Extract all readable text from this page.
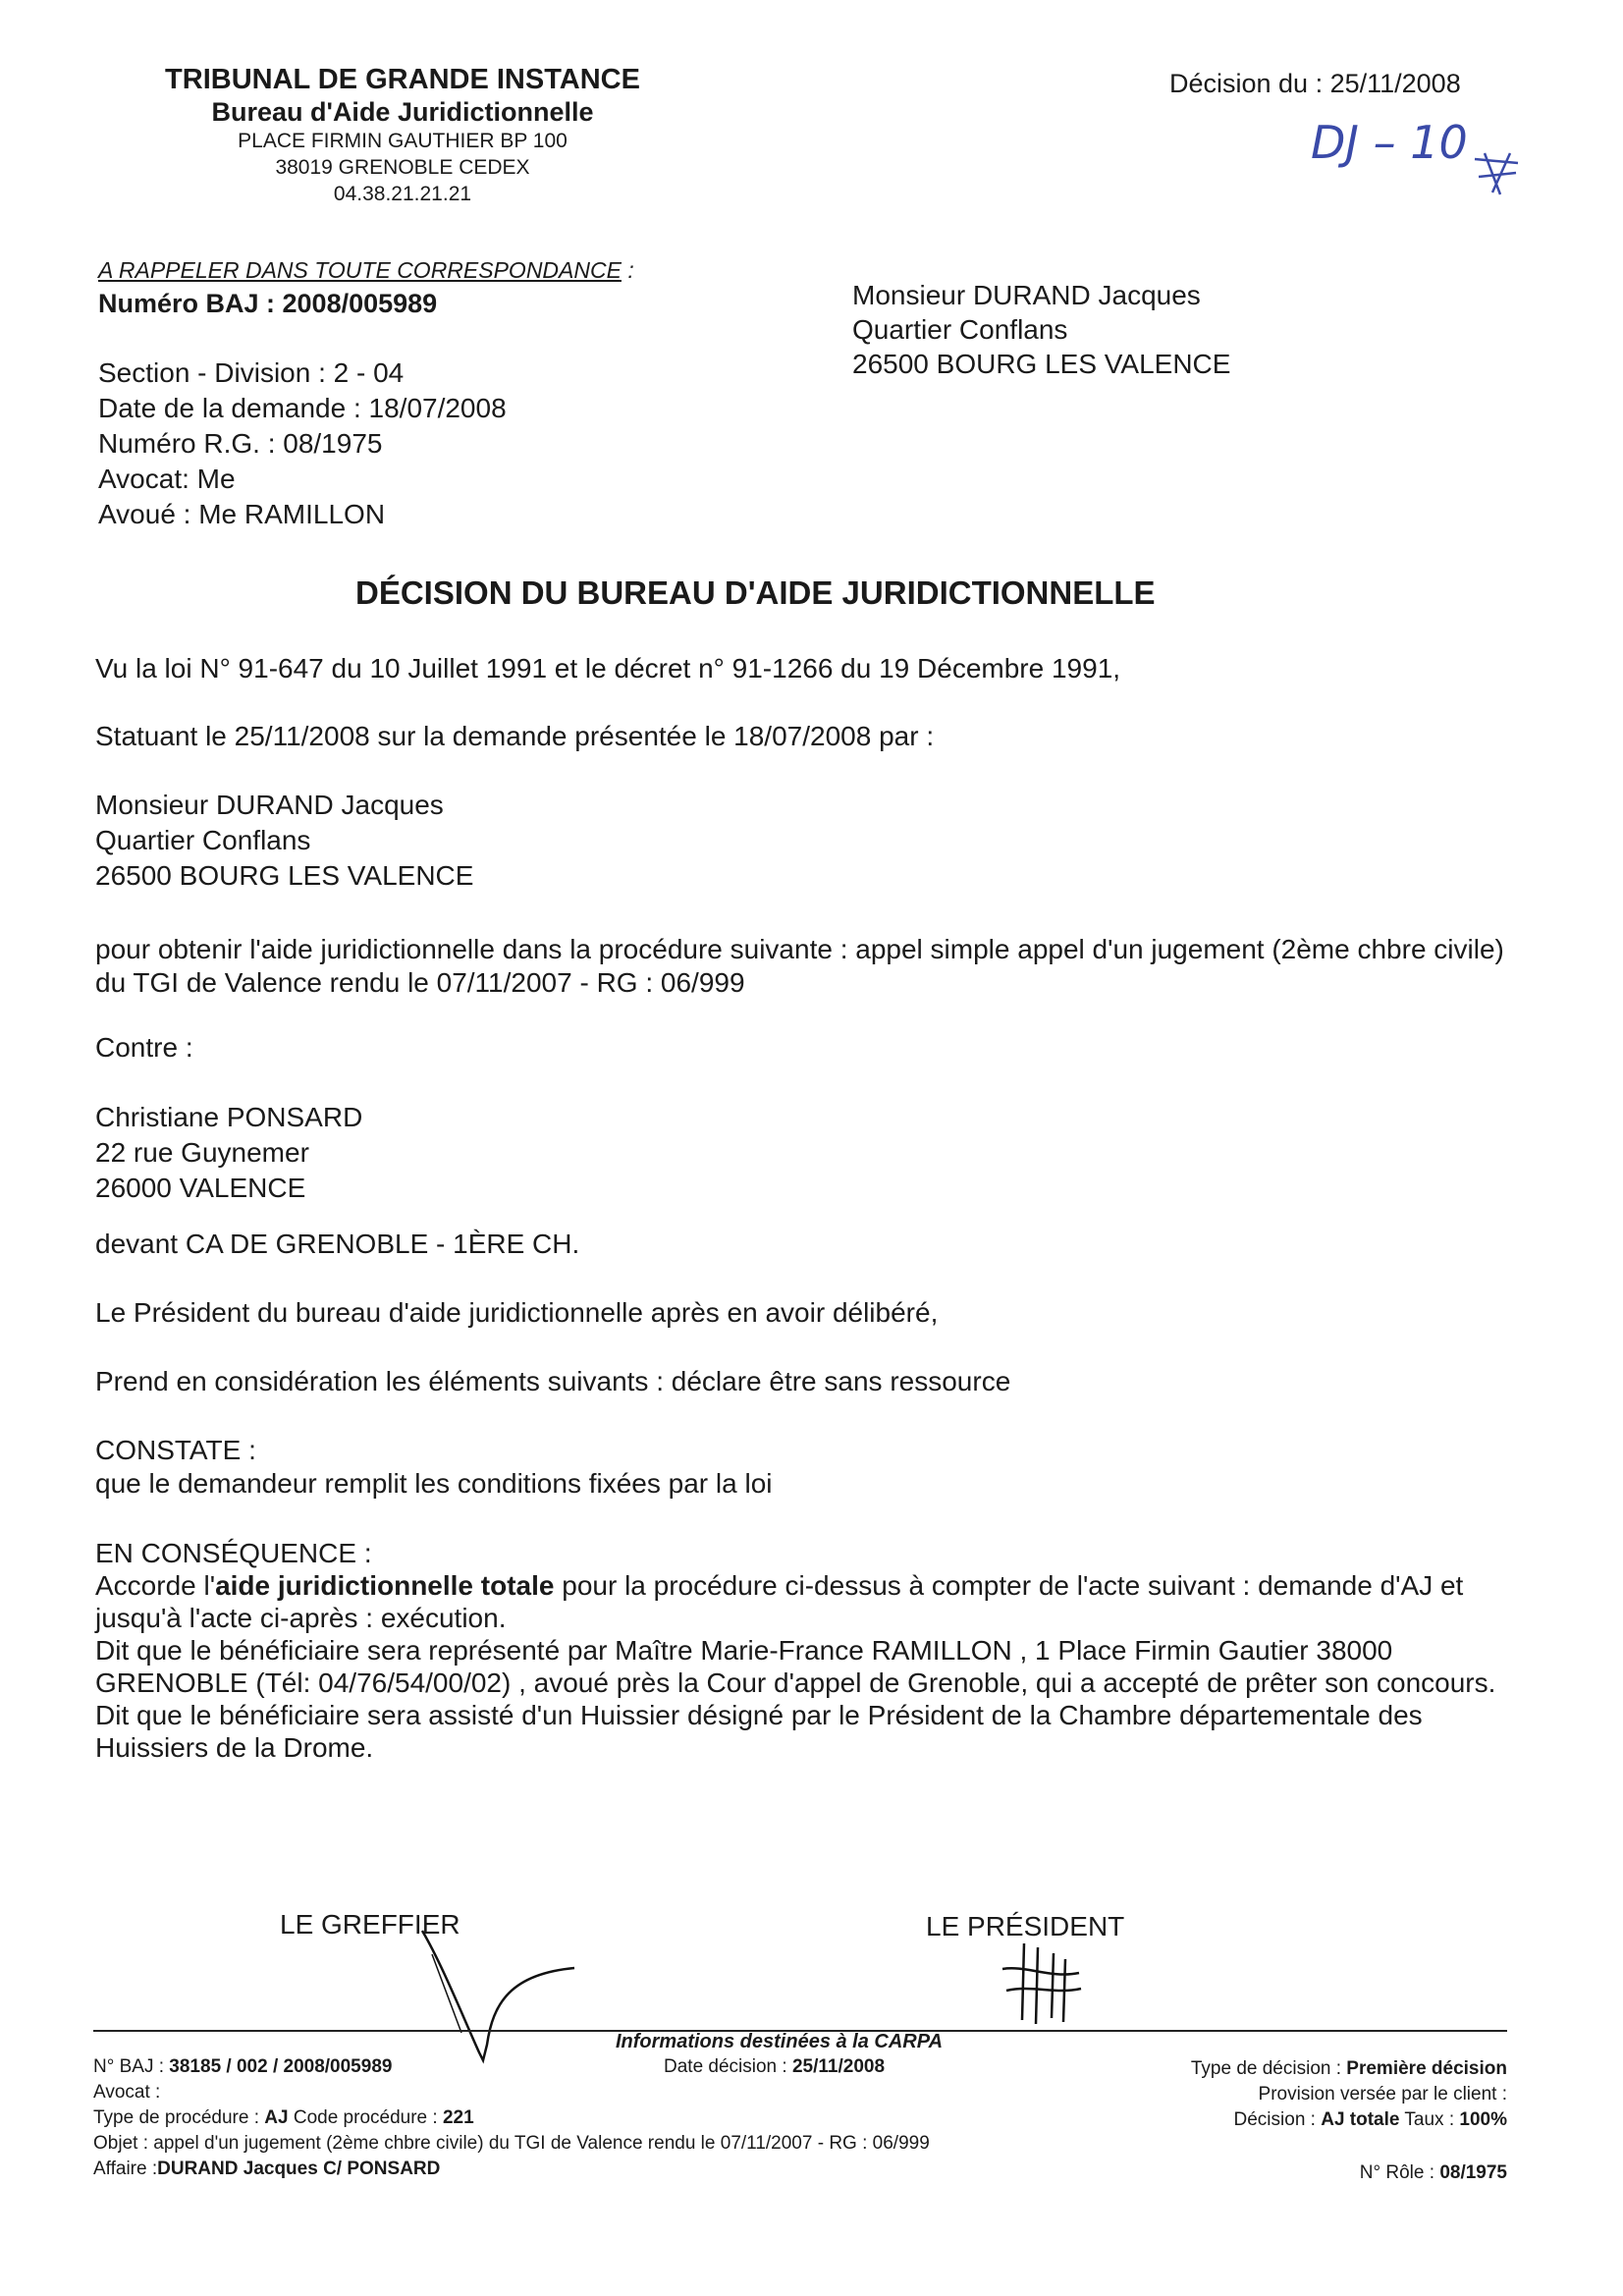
TRIBUNAL DE GRANDE INSTANCE
Bureau d'Aide Juridictionnelle
PLACE FIRMIN GAUTHIER BP 100
38019 GRENOBLE CEDEX
04.38.21.21.21
Décision du : 25/11/2008
DJ – 10
A RAPPELER DANS TOUTE CORRESPONDANCE :
Numéro BAJ : 2008/005989	Monsieur DURAND Jacques
Quartier Conflans
26500 BOURG LES VALENCE
Section - Division : 2 - 04
Date de la demande : 18/07/2008
Numéro R.G. : 08/1975
Avocat: Me
Avoué : Me RAMILLON
DÉCISION DU BUREAU D'AIDE JURIDICTIONNELLE
Vu la loi N° 91-647 du 10 Juillet 1991 et le décret n° 91-1266 du 19 Décembre 1991,
Statuant le 25/11/2008 sur la demande présentée le 18/07/2008 par :
Monsieur DURAND Jacques
Quartier Conflans
26500 BOURG LES VALENCE
pour obtenir l'aide juridictionnelle dans la procédure suivante : appel simple appel d'un jugement (2ème chbre civile) du TGI de Valence rendu le 07/11/2007 - RG : 06/999
Contre :
Christiane PONSARD
22 rue Guynemer
26000 VALENCE
devant CA DE GRENOBLE - 1ÈRE CH.
Le Président du bureau d'aide juridictionnelle après en avoir délibéré,
Prend en considération les éléments suivants : déclare être sans ressource
CONSTATE :
que le demandeur remplit les conditions fixées par la loi
EN CONSÉQUENCE :
Accorde l'aide juridictionnelle totale pour la procédure ci-dessus à compter de l'acte suivant : demande d'AJ et jusqu'à l'acte ci-après : exécution.
Dit que le bénéficiaire sera représenté par Maître Marie-France RAMILLON , 1 Place Firmin Gautier 38000 GRENOBLE (Tél: 04/76/54/00/02) , avoué près la Cour d'appel de Grenoble, qui a accepté de prêter son concours.
Dit que le bénéficiaire sera assisté d'un Huissier désigné par le Président de la Chambre départementale des Huissiers de la Drome.
LE GREFFIER	LE PRÉSIDENT
Informations destinées à la CARPA
N° BAJ : 38185 / 002 / 2008/005989
Avocat :
Type de procédure : AJ Code procédure : 221
Objet : appel d'un jugement (2ème chbre civile) du TGI de Valence rendu le 07/11/2007 - RG : 06/999
Affaire :DURAND Jacques C/ PONSARD
Date décision : 25/11/2008	Type de décision : Première décision
Provision versée par le client :
Décision : AJ totale Taux : 100%
N° Rôle : 08/1975
